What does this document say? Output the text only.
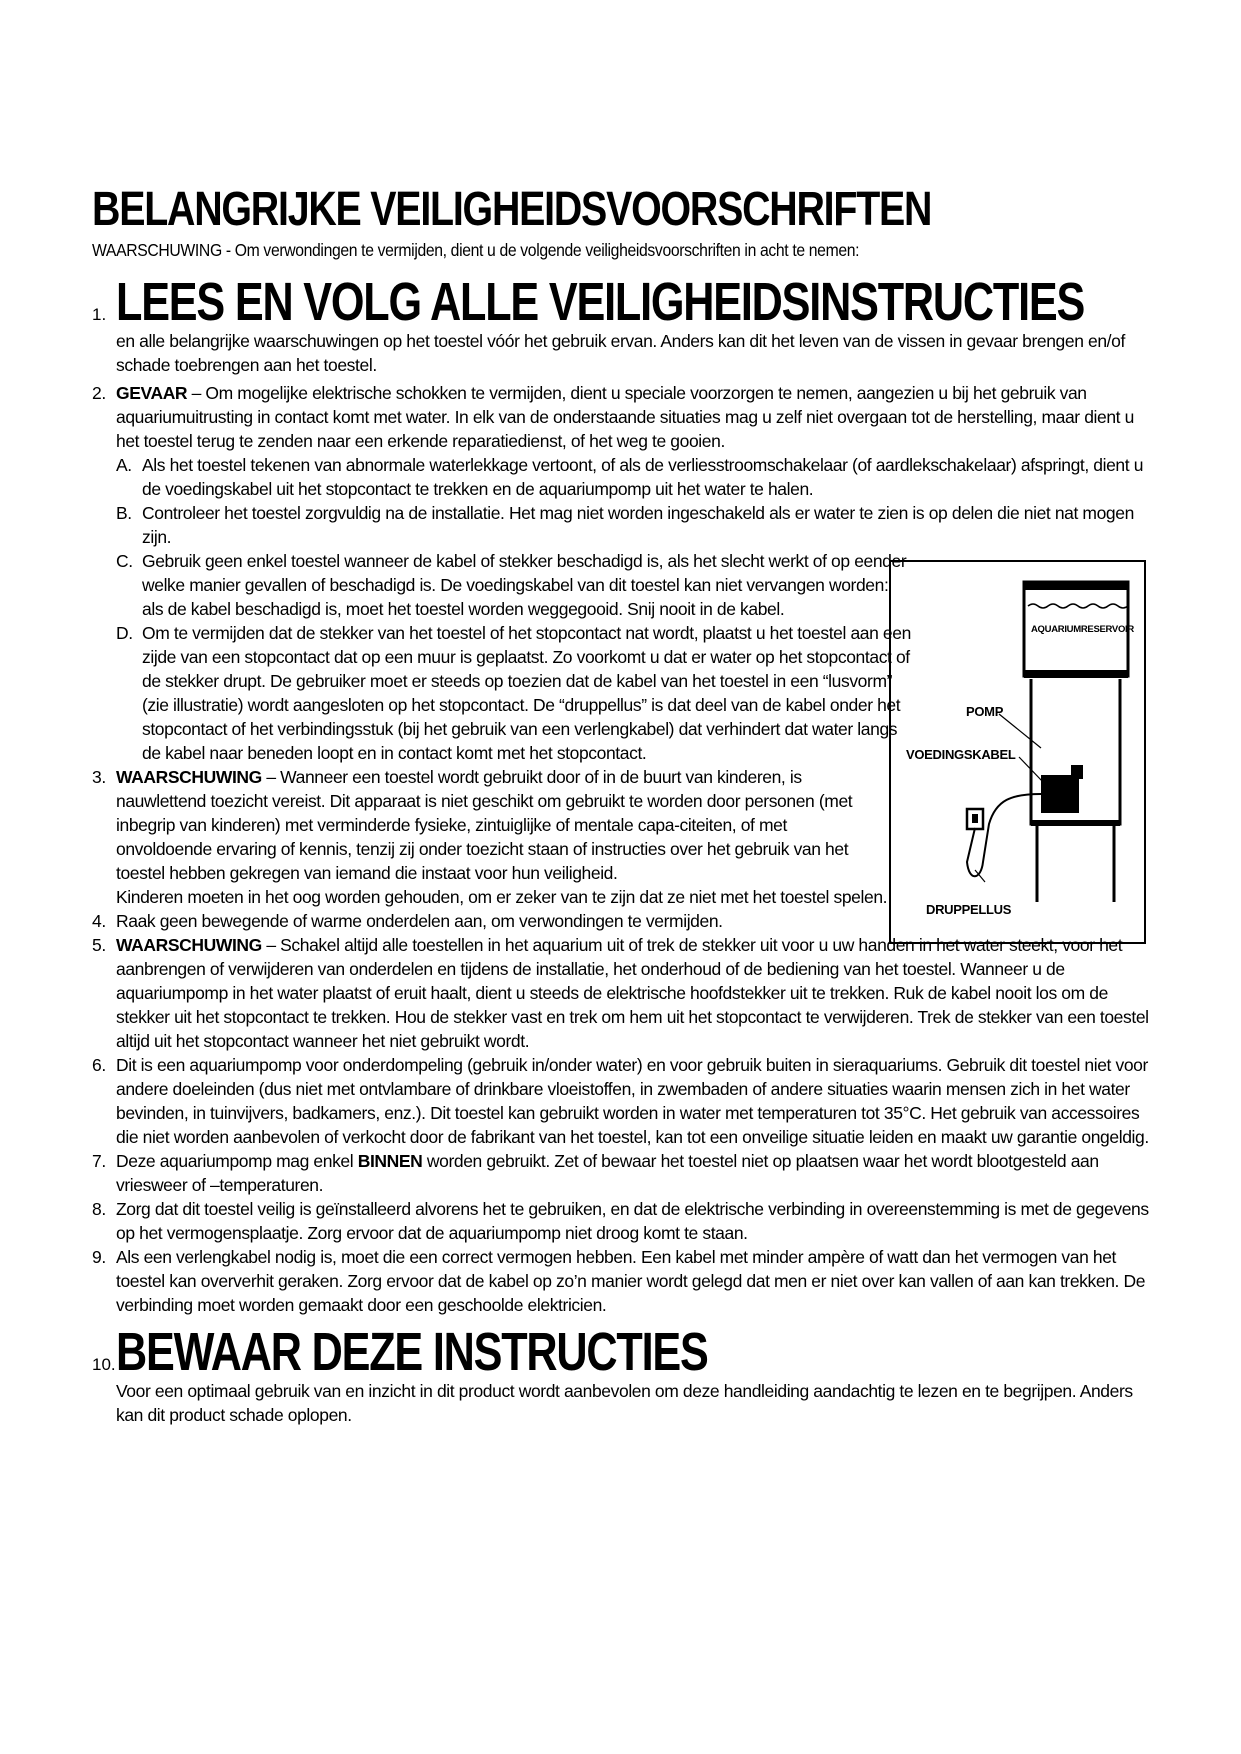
BELANGRIJKE VEILIGHEIDSVOORSCHRIFTEN
WAARSCHUWING - Om verwondingen te vermijden, dient u de volgende veiligheidsvoorschriften in acht te nemen:
1. LEES EN VOLG ALLE VEILIGHEIDSINSTRUCTIES
en alle belangrijke waarschuwingen op het toestel vóór het gebruik ervan. Anders kan dit het leven van de vissen in gevaar brengen en/of schade toebrengen aan het toestel.
2. GEVAAR – Om mogelijke elektrische schokken te vermijden, dient u speciale voorzorgen te nemen, aangezien u bij het gebruik van aquariumuitrusting in contact komt met water. In elk van de onderstaande situaties mag u zelf niet overgaan tot de herstelling, maar dient u het toestel terug te zenden naar een erkende reparatiedienst, of het weg te gooien.
A. Als het toestel tekenen van abnormale waterlekkage vertoont, of als de verliesstroomschakelaar (of aardlekschakelaar) afspringt, dient u de voedingskabel uit het stopcontact te trekken en de aquariumpomp uit het water te halen.
B. Controleer het toestel zorgvuldig na de installatie. Het mag niet worden ingeschakeld als er water te zien is op delen die niet nat mogen zijn.
C. Gebruik geen enkel toestel wanneer de kabel of stekker beschadigd is, als het slecht werkt of op eender welke manier gevallen of beschadigd is. De voedingskabel van dit toestel kan niet vervangen worden: als de kabel beschadigd is, moet het toestel worden weggegooid. Snij nooit in de kabel.
D. Om te vermijden dat de stekker van het toestel of het stopcontact nat wordt, plaatst u het toestel aan een zijde van een stopcontact dat op een muur is geplaatst. Zo voorkomt u dat er water op het stopcontact of de stekker drupt. De gebruiker moet er steeds op toezien dat de kabel van het toestel in een “lusvorm” (zie illustratie) wordt aangesloten op het stopcontact. De “druppellus” is dat deel van de kabel onder het stopcontact of het verbindingsstuk (bij het gebruik van een verlengkabel) dat verhindert dat water langs de kabel naar beneden loopt en in contact komt met het stopcontact.
3. WAARSCHUWING – Wanneer een toestel wordt gebruikt door of in de buurt van kinderen, is nauwlettend toezicht vereist. Dit apparaat is niet geschikt om gebruikt te worden door personen (met inbegrip van kinderen) met verminderde fysieke, zintuiglijke of mentale capa-citeiten, of met onvoldoende ervaring of kennis, tenzij zij onder toezicht staan of instructies over het gebruik van het toestel hebben gekregen van iemand die instaat voor hun veiligheid.
Kinderen moeten in het oog worden gehouden, om er zeker van te zijn dat ze niet met het toestel spelen.
4. Raak geen bewegende of warme onderdelen aan, om verwondingen te vermijden.
5. WAARSCHUWING – Schakel altijd alle toestellen in het aquarium uit of trek de stekker uit voor u uw handen in het water steekt, voor het aanbrengen of verwijderen van onderdelen en tijdens de installatie, het onderhoud of de bediening van het toestel. Wanneer u de aquariumpomp in het water plaatst of eruit haalt, dient u steeds de elektrische hoofdstekker uit te trekken. Ruk de kabel nooit los om de stekker uit het stopcontact te trekken. Hou de stekker vast en trek om hem uit het stopcontact te verwijderen. Trek de stekker van een toestel altijd uit het stopcontact wanneer het niet gebruikt wordt.
6. Dit is een aquariumpomp voor onderdompeling (gebruik in/onder water) en voor gebruik buiten in sieraquariums. Gebruik dit toestel niet voor andere doeleinden (dus niet met ontvlambare of drinkbare vloeistoffen, in zwembaden of andere situaties waarin mensen zich in het water bevinden, in tuinvijvers, badkamers, enz.). Dit toestel kan gebruikt worden in water met temperaturen tot 35°C. Het gebruik van accessoires die niet worden aanbevolen of verkocht door de fabrikant van het toestel, kan tot een onveilige situatie leiden en maakt uw garantie ongeldig.
7. Deze aquariumpomp mag enkel BINNEN worden gebruikt. Zet of bewaar het toestel niet op plaatsen waar het wordt blootgesteld aan vriesweer of –temperaturen.
8. Zorg dat dit toestel veilig is geïnstalleerd alvorens het te gebruiken, en dat de elektrische verbinding in overeenstemming is met de gegevens op het vermogensplaatje. Zorg ervoor dat de aquariumpomp niet droog komt te staan.
9. Als een verlengkabel nodig is, moet die een correct vermogen hebben. Een kabel met minder ampère of watt dan het vermogen van het toestel kan oververhit geraken. Zorg ervoor dat de kabel op zo’n manier wordt gelegd dat men er niet over kan vallen of aan kan trekken. De verbinding moet worden gemaakt door een geschoolde elektricien.
10. BEWAAR DEZE INSTRUCTIES
Voor een optimaal gebruik van en inzicht in dit product wordt aanbevolen om deze handleiding aandachtig te lezen en te begrijpen. Anders kan dit product schade oplopen.
AQUARIUMRESERVOIR
POMP
VOEDINGSKABEL
DRUPPELLUS
